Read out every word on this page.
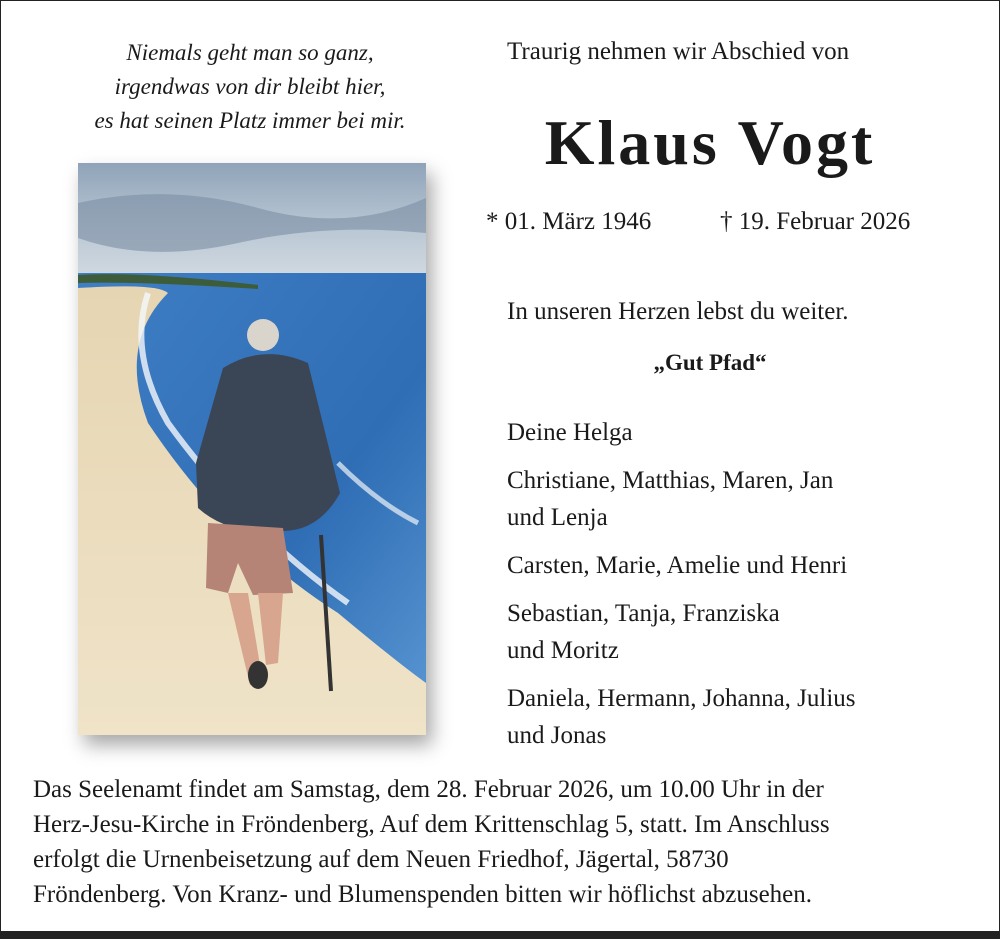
Niemals geht man so ganz,
irgendwas von dir bleibt hier,
es hat seinen Platz immer bei mir.
Traurig nehmen wir Abschied von
Klaus Vogt
* 01. März 1946	† 19. Februar 2026
In unseren Herzen lebst du weiter.
„Gut Pfad“
Deine Helga
Christiane, Matthias, Maren, Jan
und Lenja
Carsten, Marie, Amelie und Henri
Sebastian, Tanja, Franziska
und Moritz
Daniela, Hermann, Johanna, Julius
und Jonas
Das Seelenamt findet am Samstag, dem 28. Februar 2026, um 10.00 Uhr in der
Herz-Jesu-Kirche in Fröndenberg, Auf dem Krittenschlag 5, statt. Im Anschluss
erfolgt die Urnenbeisetzung auf dem Neuen Friedhof, Jägertal, 58730
Fröndenberg. Von Kranz- und Blumenspenden bitten wir höflichst abzusehen.
